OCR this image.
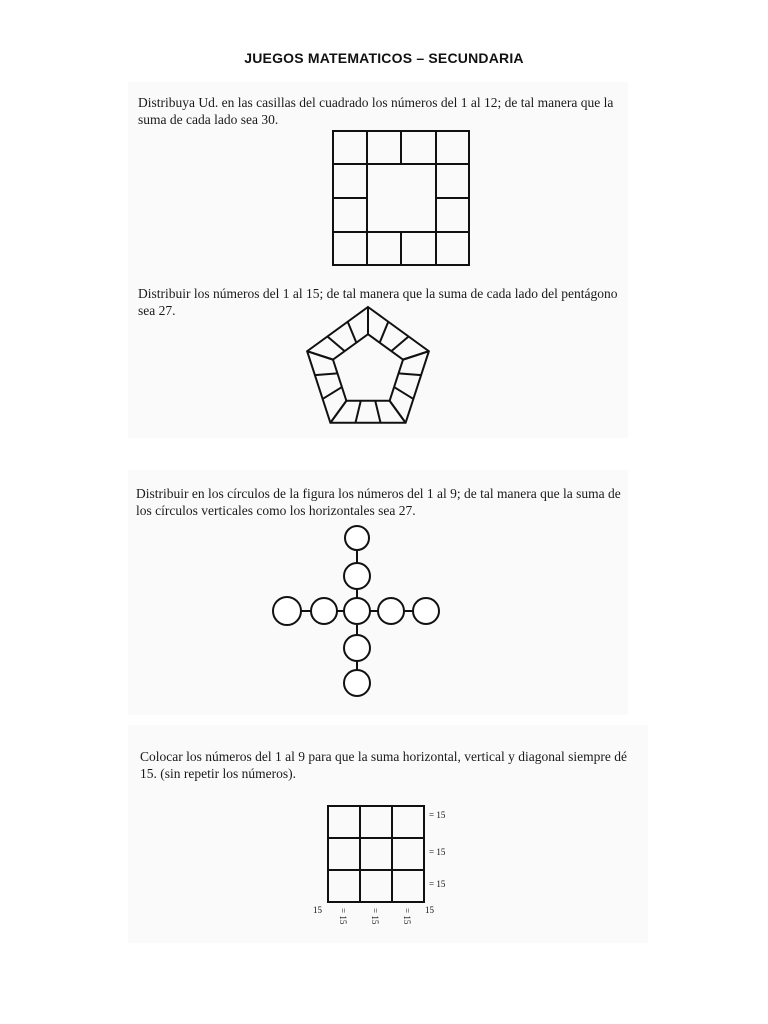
JUEGOS MATEMATICOS – SECUNDARIA
Distribuya Ud. en las casillas del cuadrado los números del 1 al 12; de tal manera que la suma de cada lado sea 30.
Distribuir los números del 1 al 15; de tal manera que la suma de cada lado del pentágono sea 27.
Distribuir en los círculos de la figura los números del 1 al 9; de tal manera que la suma de los círculos verticales como los horizontales sea 27.
Colocar los números del 1 al 9 para que la suma horizontal, vertical y diagonal siempre dé 15. (sin repetir los números).
= 15
= 15
= 15
15	15
= 15 = 15 = 15
